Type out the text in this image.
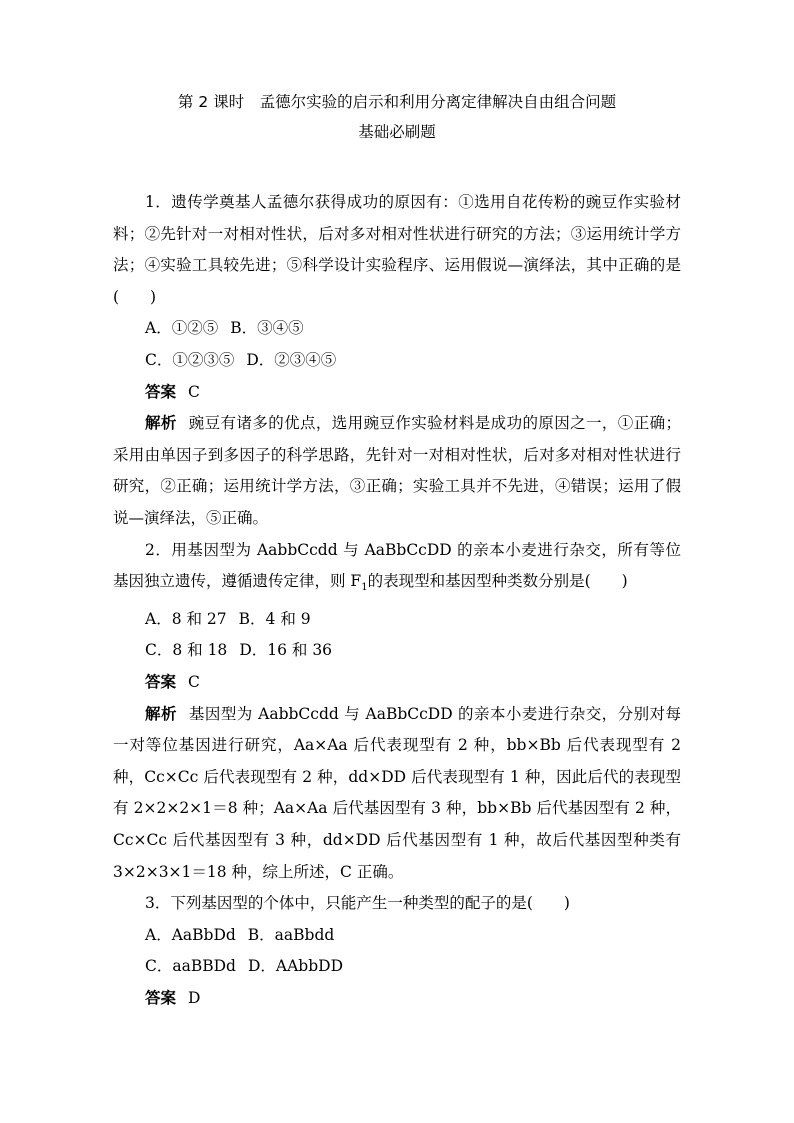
第 2 课时　孟德尔实验的启示和利用分离定律解决自由组合问题

基础必刷题

1．遗传学奠基人孟德尔获得成功的原因有：①选用自花传粉的豌豆作实验材料；②先针对一对相对性状，后对多对相对性状进行研究的方法；③运用统计学方法；④实验工具较先进；⑤科学设计实验程序、运用假说—演绎法，其中正确的是(　　)

A．①②⑤ B．③④⑤

C．①②③⑤ D．②③④⑤

答案 C

解析 豌豆有诸多的优点，选用豌豆作实验材料是成功的原因之一，①正确；采用由单因子到多因子的科学思路，先针对一对相对性状，后对多对相对性状进行研究，②正确；运用统计学方法，③正确；实验工具并不先进，④错误；运用了假说—演绎法，⑤正确。

2．用基因型为 AabbCcdd 与 AaBbCcDD 的亲本小麦进行杂交，所有等位基因独立遗传，遵循遗传定律，则 $F_1$的表现型和基因型种类数分别是(　　)

A．8 和 27 B．4 和 9

C．8 和 18 D．16 和 36

答案 C

解析 基因型为 AabbCcdd 与 AaBbCcDD 的亲本小麦进行杂交，分别对每一对等位基因进行研究，Aa×Aa 后代表现型有 2 种，bb×Bb 后代表现型有 2 种，Cc×Cc 后代表现型有 2 种，dd×DD 后代表现型有 1 种，因此后代的表现型有 2×2×2×1＝8 种；Aa×Aa 后代基因型有 3 种，bb×Bb 后代基因型有 2 种，Cc×Cc 后代基因型有 3 种，dd×DD 后代基因型有 1 种，故后代基因型种类有 3×2×3×1＝18 种，综上所述，C 正确。

3．下列基因型的个体中，只能产生一种类型的配子的是(　　)

A．AaBbDd B．aaBbdd

C．aaBBDd D．AAbbDD

答案 D
